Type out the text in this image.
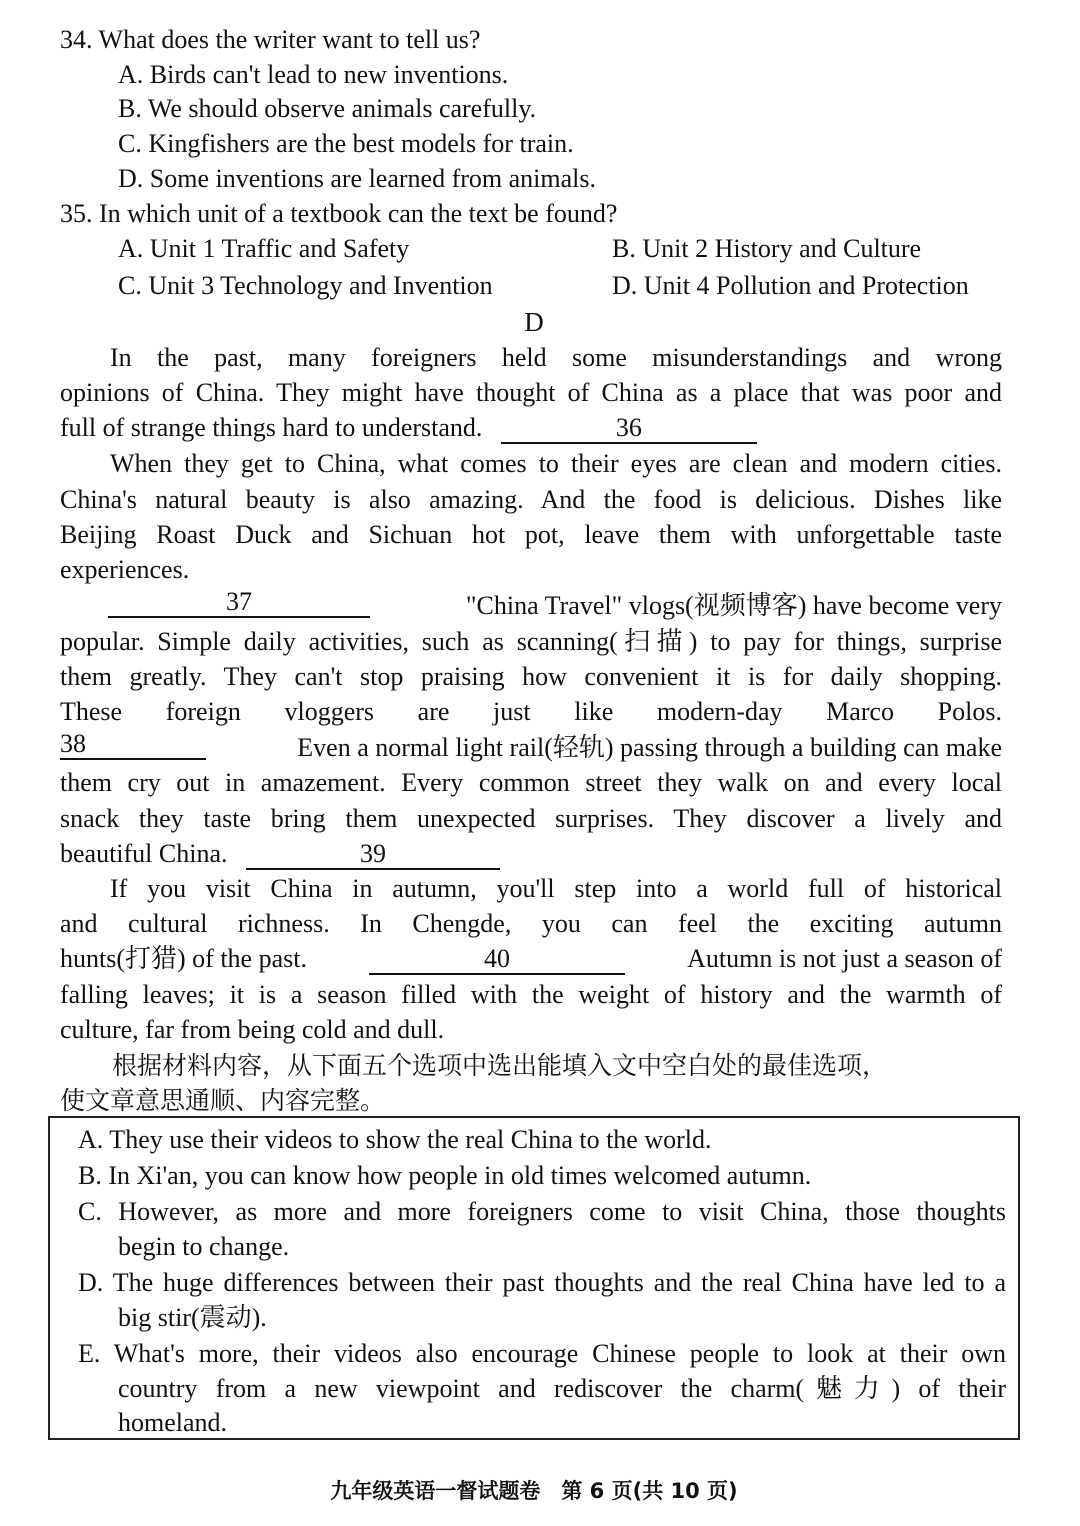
34. What does the writer want to tell us?
A. Birds can't lead to new inventions.
B. We should observe animals carefully.
C. Kingfishers are the best models for train.
D. Some inventions are learned from animals.
35. In which unit of a textbook can the text be found?
A. Unit 1 Traffic and Safety	B. Unit 2 History and Culture
C. Unit 3 Technology and Invention	D. Unit 4 Pollution and Protection
D
In the past, many foreigners held some misunderstandings and wrong
opinions of China. They might have thought of China as a place that was poor and
full of strange things hard to understand.	36
When they get to China, what comes to their eyes are clean and modern cities.
China's natural beauty is also amazing. And the food is delicious. Dishes like
Beijing Roast Duck and Sichuan hot pot, leave them with unforgettable taste
experiences.
37	"China Travel" vlogs(视频博客) have become very
popular. Simple daily activities, such as scanning(扫描) to pay for things, surprise
them greatly. They can't stop praising how convenient it is for daily shopping.
These foreign vloggers are just like modern-day Marco Polos.
38	Even a normal light rail(轻轨) passing through a building can make
them cry out in amazement. Every common street they walk on and every local
snack they taste bring them unexpected surprises. They discover a lively and
beautiful China.	39
If you visit China in autumn, you'll step into a world full of historical
and cultural richness. In Chengde, you can feel the exciting autumn
hunts(打猎) of the past.	40	Autumn is not just a season of
falling leaves; it is a season filled with the weight of history and the warmth of
culture, far from being cold and dull.
根据材料内容，从下面五个选项中选出能填入文中空白处的最佳选项，
使文章意思通顺、内容完整。
A. They use their videos to show the real China to the world.
B. In Xi'an, you can know how people in old times welcomed autumn.
C. However, as more and more foreigners come to visit China, those thoughts
begin to change.
D. The huge differences between their past thoughts and the real China have led to a
big stir(震动).
E. What's more, their videos also encourage Chinese people to look at their own
country from a new viewpoint and rediscover the charm(魅力) of their
homeland.
九年级英语一督试题卷　第 6 页(共 10 页)
